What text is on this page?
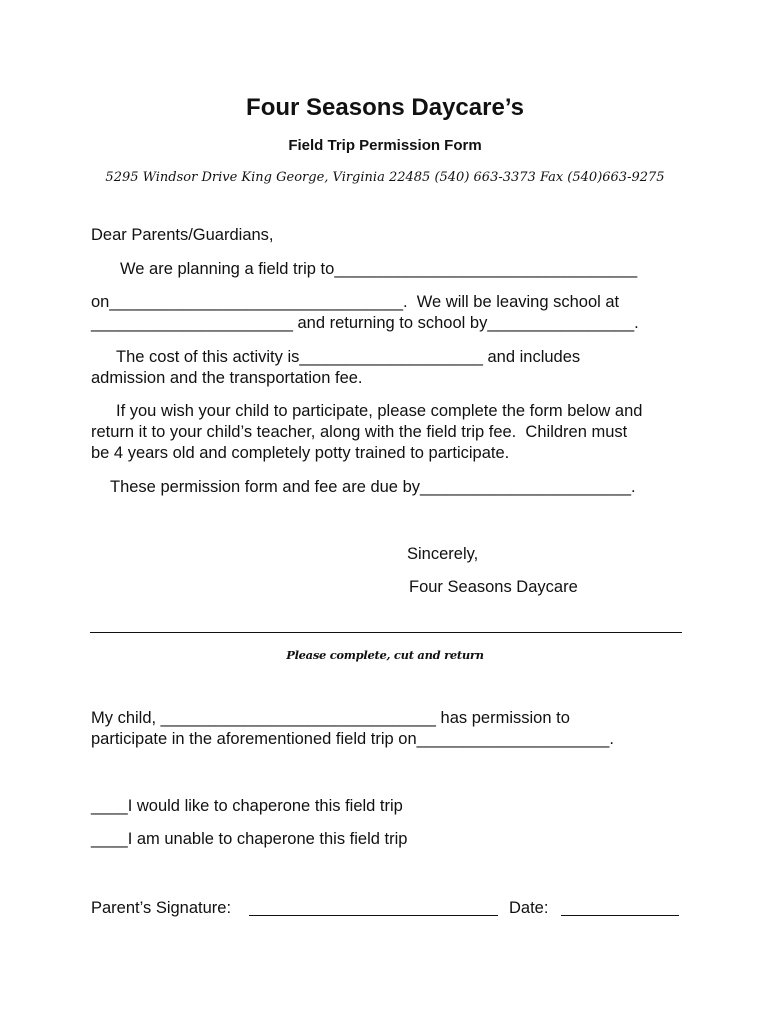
Four Seasons Daycare’s
Field Trip Permission Form
5295 Windsor Drive King George, Virginia 22485 (540) 663-3373 Fax (540)663-9275
Dear Parents/Guardians,
We are planning a field trip to_________________________________
on________________________________.  We will be leaving school at
______________________ and returning to school by________________.
The cost of this activity is____________________ and includes
admission and the transportation fee.
If you wish your child to participate, please complete the form below and
return it to your child’s teacher, along with the field trip fee.  Children must
be 4 years old and completely potty trained to participate.
These permission form and fee are due by_______________________.
Sincerely,
Four Seasons Daycare
Please complete, cut and return
My child, ______________________________ has permission to
participate in the aforementioned field trip on_____________________.
____I would like to chaperone this field trip
____I am unable to chaperone this field trip
Parent’s Signature:	Date:
